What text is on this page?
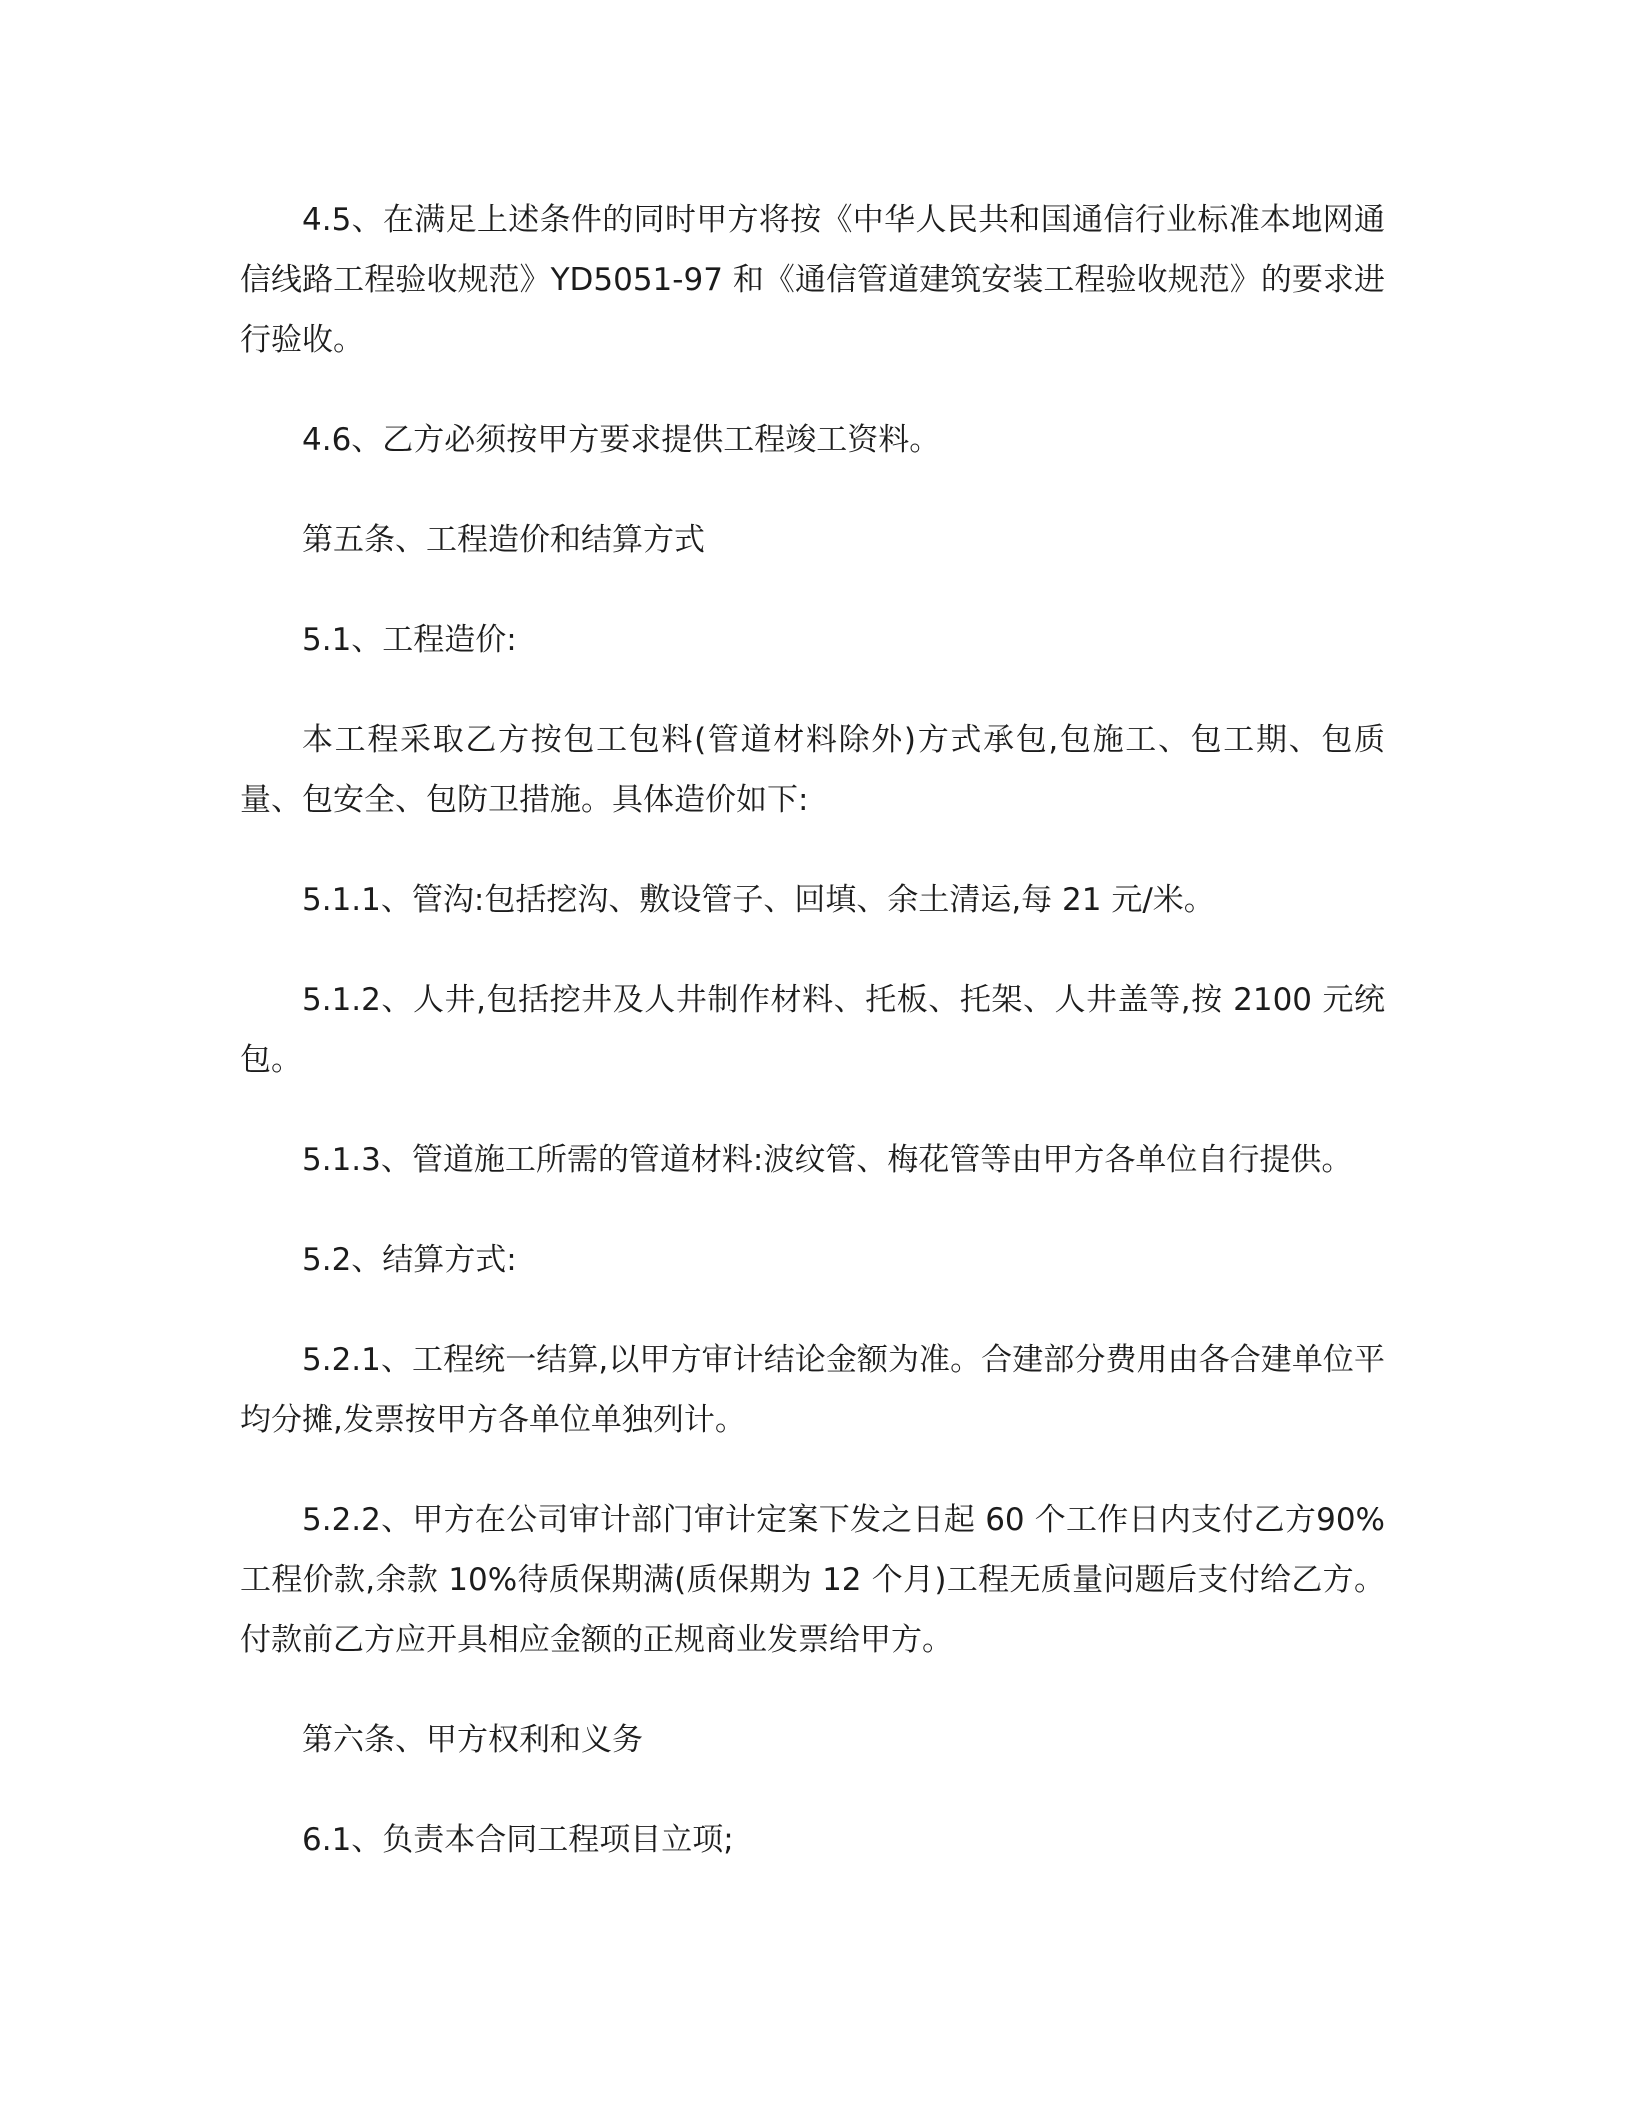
4.5、在满足上述条件的同时甲方将按《中华人民共和国通信行业标准本地网通信线路工程验收规范》YD5051-97 和《通信管道建筑安装工程验收规范》的要求进行验收。

4.6、乙方必须按甲方要求提供工程竣工资料。

第五条、工程造价和结算方式

5.1、工程造价:

本工程采取乙方按包工包料(管道材料除外)方式承包,包施工、包工期、包质量、包安全、包防卫措施。具体造价如下:

5.1.1、管沟:包括挖沟、敷设管子、回填、余土清运,每 21 元/米。

5.1.2、人井,包括挖井及人井制作材料、托板、托架、人井盖等,按 2100 元统包。

5.1.3、管道施工所需的管道材料:波纹管、梅花管等由甲方各单位自行提供。

5.2、结算方式:

5.2.1、工程统一结算,以甲方审计结论金额为准。合建部分费用由各合建单位平均分摊,发票按甲方各单位单独列计。

5.2.2、甲方在公司审计部门审计定案下发之日起 60 个工作日内支付乙方90%工程价款,余款 10%待质保期满(质保期为 12 个月)工程无质量问题后支付给乙方。付款前乙方应开具相应金额的正规商业发票给甲方。

第六条、甲方权利和义务

6.1、负责本合同工程项目立项;
